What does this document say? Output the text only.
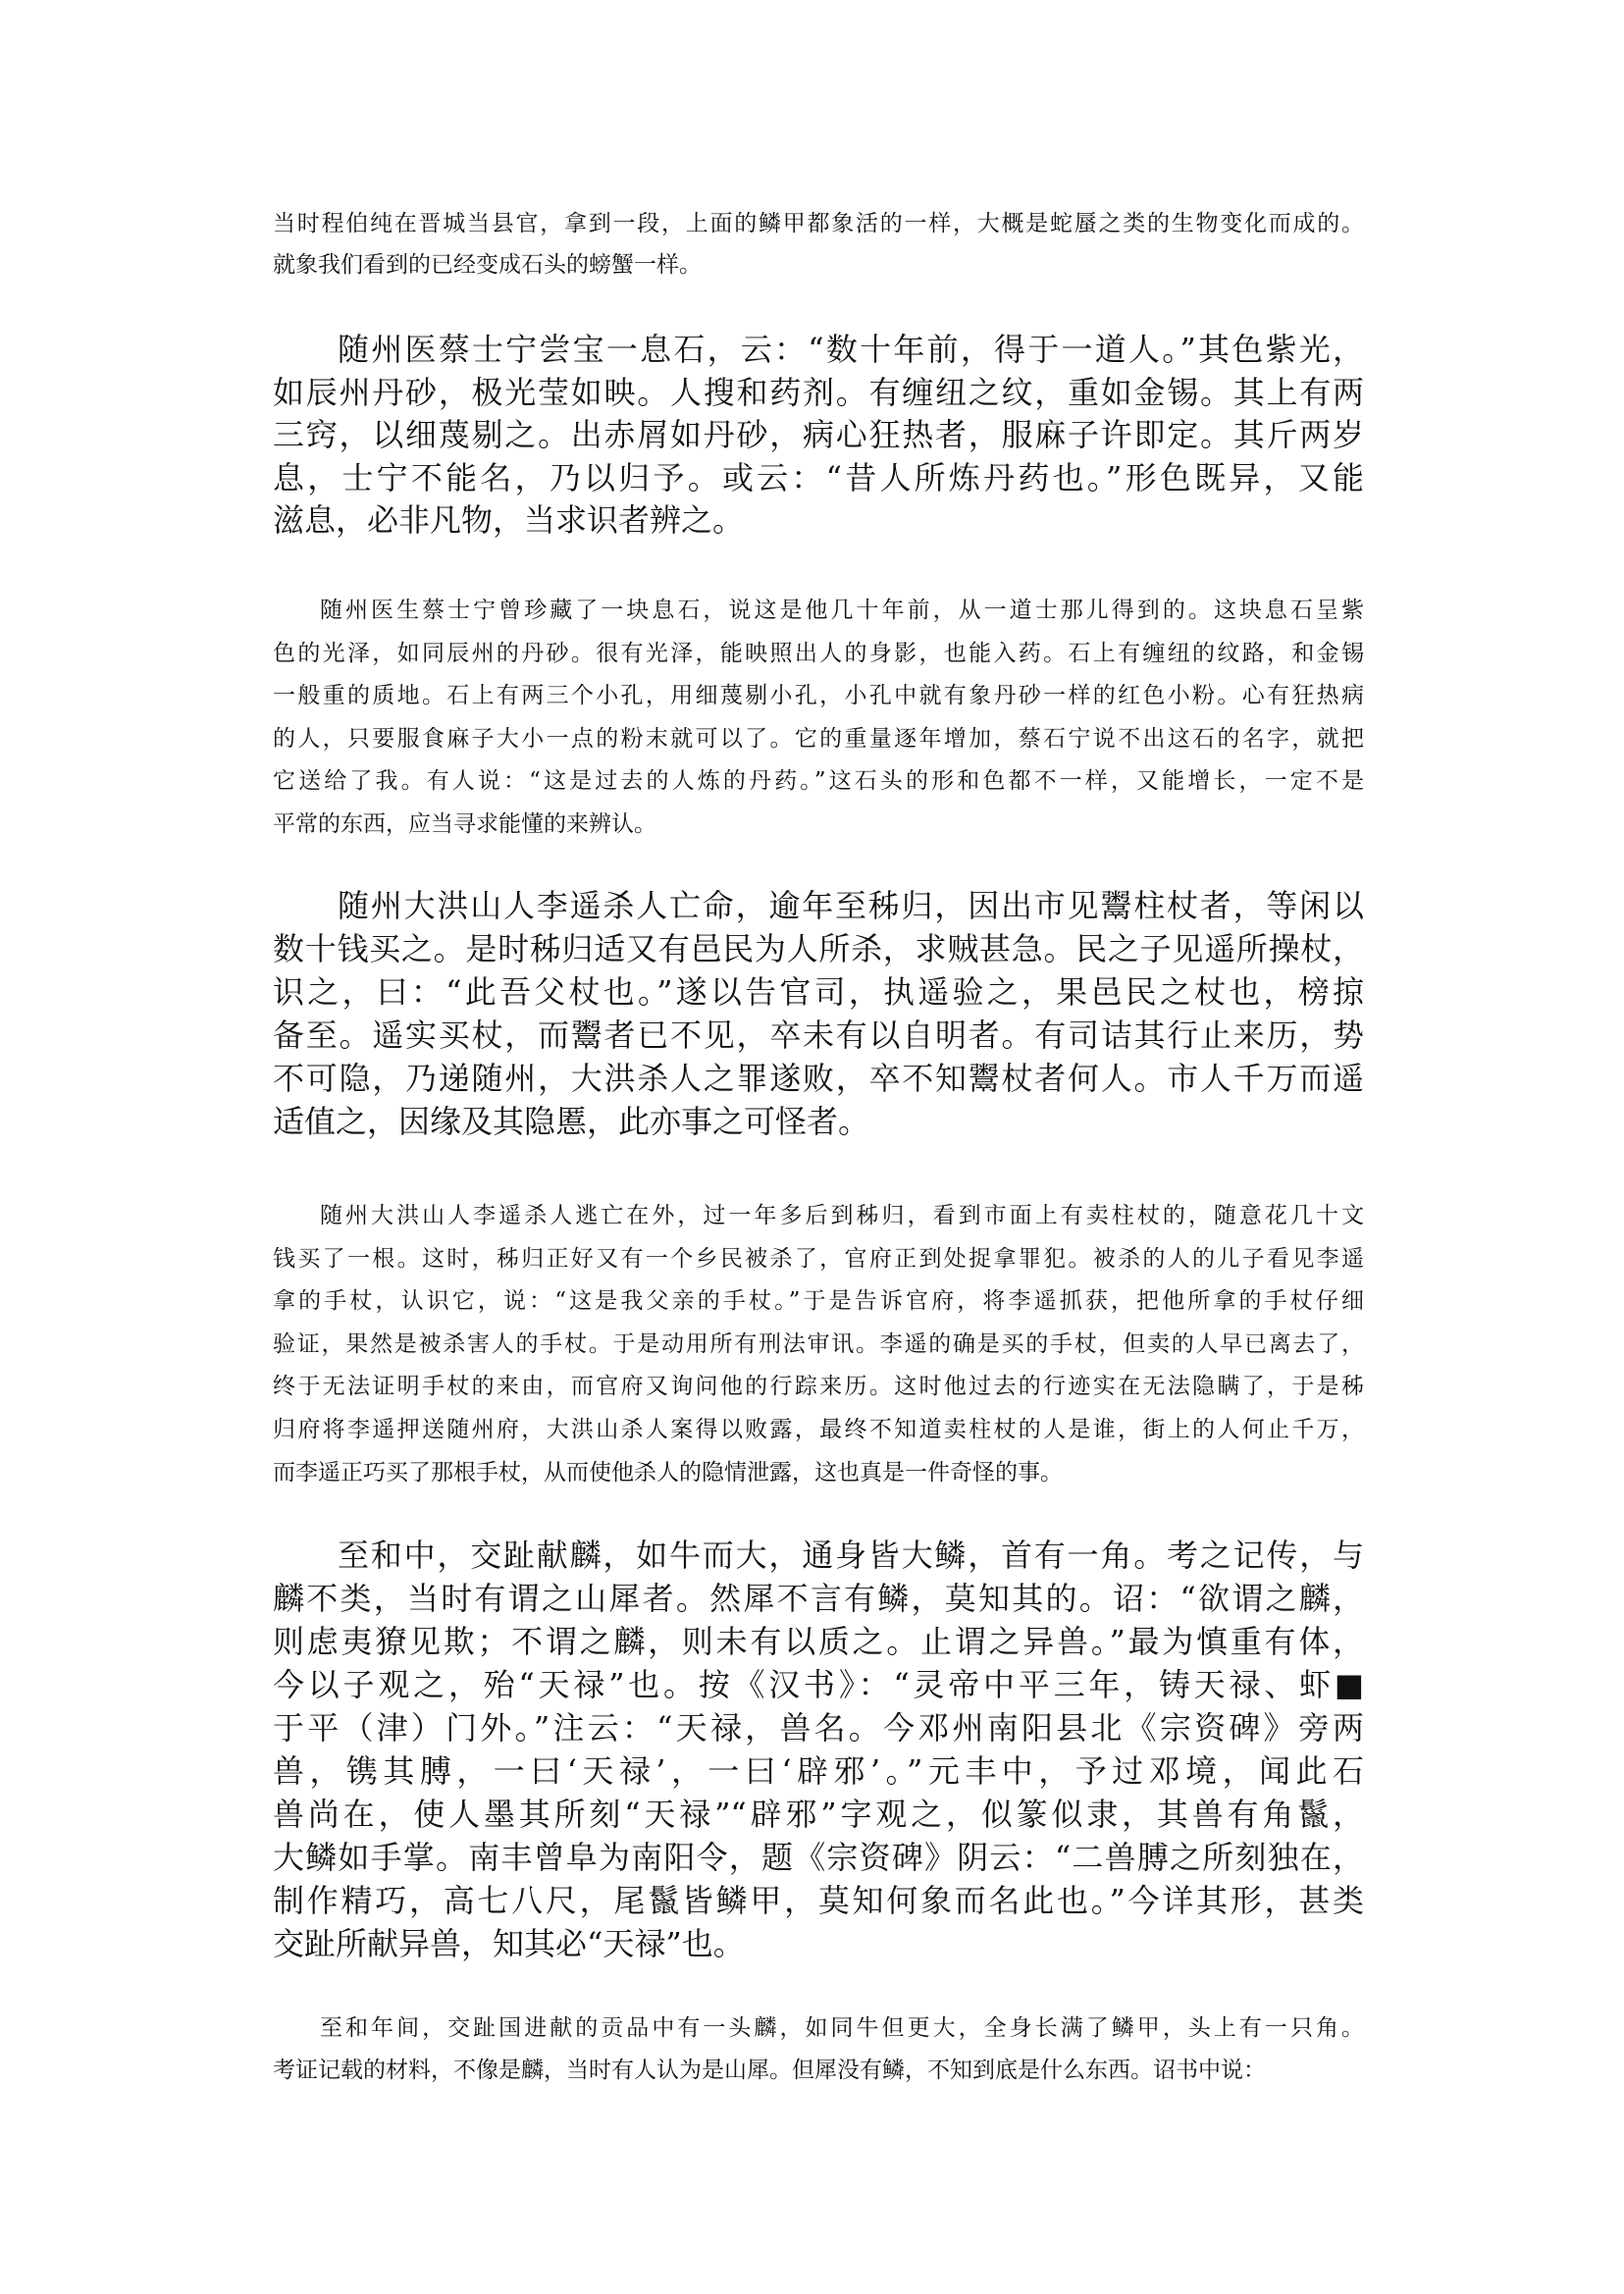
当时程伯纯在晋城当县官，拿到一段，上面的鳞甲都象活的一样，大概是蛇蜃之类的生物变化而成的。
就象我们看到的已经变成石头的螃蟹一样。
随州医蔡士宁尝宝一息石，云：“数十年前，得于一道人。”其色紫光，
如辰州丹砂，极光莹如映。人搜和药剂。有缠纽之纹，重如金锡。其上有两
三窍，以细蔑剔之。出赤屑如丹砂，病心狂热者，服麻子许即定。其斤两岁
息，士宁不能名，乃以归予。或云：“昔人所炼丹药也。”形色既异，又能
滋息，必非凡物，当求识者辨之。
随州医生蔡士宁曾珍藏了一块息石，说这是他几十年前，从一道士那儿得到的。这块息石呈紫
色的光泽，如同辰州的丹砂。很有光泽，能映照出人的身影，也能入药。石上有缠纽的纹路，和金锡
一般重的质地。石上有两三个小孔，用细蔑剔小孔，小孔中就有象丹砂一样的红色小粉。心有狂热病
的人，只要服食麻子大小一点的粉末就可以了。它的重量逐年增加，蔡石宁说不出这石的名字，就把
它送给了我。有人说：“这是过去的人炼的丹药。”这石头的形和色都不一样，又能增长，一定不是
平常的东西，应当寻求能懂的来辨认。
随州大洪山人李遥杀人亡命，逾年至秭归，因出市见鬻柱杖者，等闲以
数十钱买之。是时秭归适又有邑民为人所杀，求贼甚急。民之子见遥所操杖，
识之，曰：“此吾父杖也。”遂以告官司，执遥验之，果邑民之杖也，榜掠
备至。遥实买杖，而鬻者已不见，卒未有以自明者。有司诘其行止来历，势
不可隐，乃递随州，大洪杀人之罪遂败，卒不知鬻杖者何人。市人千万而遥
适值之，因缘及其隐慝，此亦事之可怪者。
随州大洪山人李遥杀人逃亡在外，过一年多后到秭归，看到市面上有卖柱杖的，随意花几十文
钱买了一根。这时，秭归正好又有一个乡民被杀了，官府正到处捉拿罪犯。被杀的人的儿子看见李遥
拿的手杖，认识它，说：“这是我父亲的手杖。”于是告诉官府，将李遥抓获，把他所拿的手杖仔细
验证，果然是被杀害人的手杖。于是动用所有刑法审讯。李遥的确是买的手杖，但卖的人早已离去了，
终于无法证明手杖的来由，而官府又询问他的行踪来历。这时他过去的行迹实在无法隐瞒了，于是秭
归府将李遥押送随州府，大洪山杀人案得以败露，最终不知道卖柱杖的人是谁，街上的人何止千万，
而李遥正巧买了那根手杖，从而使他杀人的隐情泄露，这也真是一件奇怪的事。
至和中，交趾献麟，如牛而大，通身皆大鳞，首有一角。考之记传，与
麟不类，当时有谓之山犀者。然犀不言有鳞，莫知其的。诏：“欲谓之麟，
则虑夷獠见欺；不谓之麟，则未有以质之。止谓之异兽。”最为慎重有体，
今以子观之，殆“天禄”也。按《汉书》：“灵帝中平三年，铸天禄、虾■
于平（津）门外。”注云：“天禄，兽名。今邓州南阳县北《宗资碑》旁两
兽，镌其膊，一曰‘天禄’，一曰‘辟邪’。”元丰中，予过邓境，闻此石
兽尚在，使人墨其所刻“天禄”“辟邪”字观之，似篆似隶，其兽有角鬣，
大鳞如手掌。南丰曾阜为南阳令，题《宗资碑》阴云：“二兽膊之所刻独在，
制作精巧，高七八尺，尾鬣皆鳞甲，莫知何象而名此也。”今详其形，甚类
交趾所献异兽，知其必“天禄”也。
至和年间，交趾国进献的贡品中有一头麟，如同牛但更大，全身长满了鳞甲，头上有一只角。
考证记载的材料，不像是麟，当时有人认为是山犀。但犀没有鳞，不知到底是什么东西。诏书中说：
